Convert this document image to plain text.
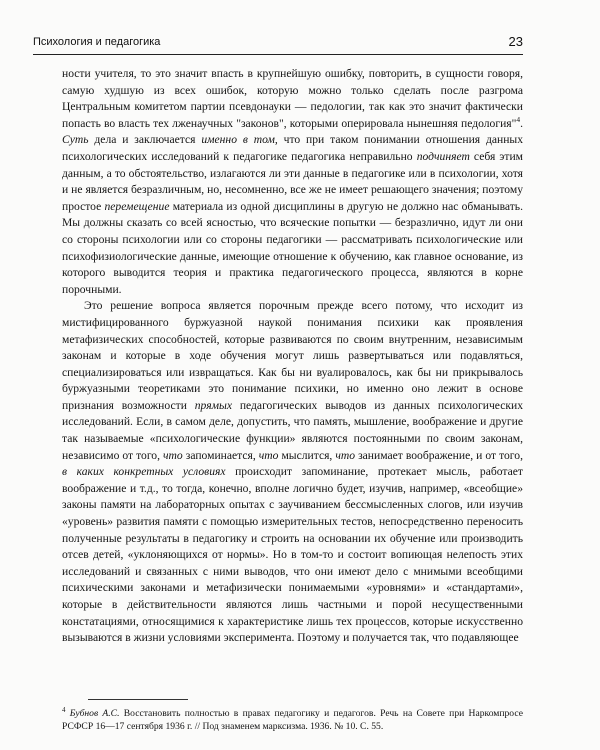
Психология и педагогика	23

ности учителя, то это значит впасть в крупнейшую ошибку, повторить, в сущности говоря, самую худшую из всех ошибок, которую можно только сделать после разгрома Центральным комитетом партии псевдонауки — педологии, так как это значит фактически попасть во власть тех лженаучных "законов", которыми оперировала нынешняя педология"$^4$. Суть дела и заключается именно в том, что при таком понимании отношения данных психологических исследований к педагогике педагогика неправильно подчиняет себя этим данным, а то обстоятельство, излагаются ли эти данные в педагогике или в психологии, хотя и не является безразличным, но, несомненно, все же не имеет решающего значения; поэтому простое перемещение материала из одной дисциплины в другую не должно нас обманывать. Мы должны сказать со всей ясностью, что всяческие попытки — безразлично, идут ли они со стороны психологии или со стороны педагогики — рассматривать психологические или психофизиологические данные, имеющие отношение к обучению, как главное основание, из которого выводится теория и практика педагогического процесса, являются в корне порочными.

Это решение вопроса является порочным прежде всего потому, что исходит из мистифицированного буржуазной наукой понимания психики как проявления метафизических способностей, которые развиваются по своим внутренним, независимым законам и которые в ходе обучения могут лишь развертываться или подавляться, специализироваться или извращаться. Как бы ни вуалировалось, как бы ни прикрывалось буржуазными теоретиками это понимание психики, но именно оно лежит в основе признания возможности прямых педагогических выводов из данных психологических исследований. Если, в самом деле, допустить, что память, мышление, воображение и другие так называемые «психологические функции» являются постоянными по своим законам, независимо от того, что запоминается, что мыслится, что занимает воображение, и от того, в каких конкретных условиях происходит запоминание, протекает мысль, работает воображение и т.д., то тогда, конечно, вполне логично будет, изучив, например, «всеобщие» законы памяти на лабораторных опытах с заучиванием бессмысленных слогов, или изучив «уровень» развития памяти с помощью измерительных тестов, непосредственно переносить полученные результаты в педагогику и строить на основании их обучение или производить отсев детей, «уклоняющихся от нормы». Но в том-то и состоит вопиющая нелепость этих исследований и связанных с ними выводов, что они имеют дело с мнимыми всеобщими психическими законами и метафизически понимаемыми «уровнями» и «стандартами», которые в действительности являются лишь частными и порой несущественными констатациями, относящимися к характеристике лишь тех процессов, которые искусственно вызываются в жизни условиями эксперимента. Поэтому и получается так, что подавляющее

$^4$ Бубнов А.С. Восстановить полностью в правах педагогику и педагогов. Речь на Совете при Наркомпросе РСФСР 16—17 сентября 1936 г. // Под знаменем марксизма. 1936. № 10. С. 55.
